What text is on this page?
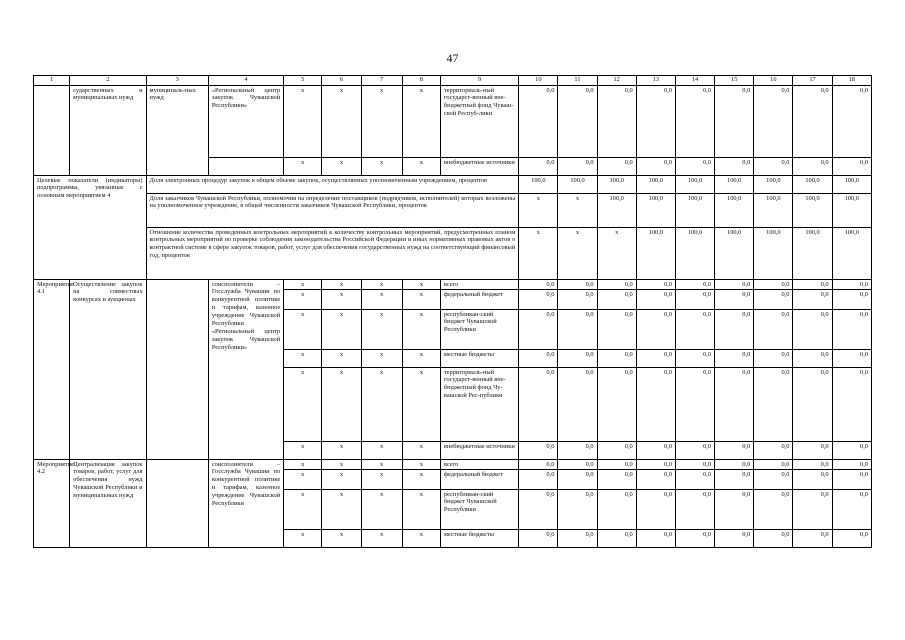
47
1	2	3	4	5	6	7	8	9	10	11	12	13	14	15	16	17	18
	сударственных и муниципальных нужд	муниципаль-ных нужд	«Региональный центр закупок Чувашской Республики»	x	x	x	x	территориаль-ный государст-венный вне-бюджетный фонд Чуваш-ской Респуб-лики	0,0	0,0	0,0	0,0	0,0	0,0	0,0	0,0	0,0
				x	x	x	x	внебюджетные источники	0,0	0,0	0,0	0,0	0,0	0,0	0,0	0,0	0,0
Целевые показатели (индикаторы) подпрограммы, увязанные с основным мероприятием 4		Доля электронных процедур закупок в общем объеме закупок, осуществляемых уполномоченным учреждением, процентов							100,0	100,0	100,0	100,0	100,0	100,0	100,0	100,0	100,0
		Доля заказчиков Чувашской Республики, полномочия на определение поставщиков (подрядчиков, исполнителей) которых возложены на уполномоченное учреждение, в общей численности заказчиков Чувашской Республики, процентов							x	x	100,0	100,0	100,0	100,0	100,0	100,0	100,0
		Отношение количества проведенных контрольных мероприятий к количеству контрольных мероприятий, предусмотренных планом контрольных мероприятий по проверке соблюдения законодательства Российской Федерации и иных нормативных правовых актов о контрактной системе в сфере закупок товаров, работ, услуг для обеспечения государственных нужд на соответствующий финансовый год, процентов							x	x	x	100,0	100,0	100,0	100,0	100,0	100,0
Мероприятие 4.1	Осуществление закупок на совместных конкурсах и аукционах		соисполнители – Госслужба Чувашии по конкурентной политике и тарифам, казенное учреждение Чувашской Республики «Региональный центр закупок Чувашской Республики»	x	x	x	x	всего	0,0	0,0	0,0	0,0	0,0	0,0	0,0	0,0	0,0
				x	x	x	x	федеральный бюджет	0,0	0,0	0,0	0,0	0,0	0,0	0,0	0,0	0,0
				x	x	x	x	республикан-ский бюджет Чувашской Республики	0,0	0,0	0,0	0,0	0,0	0,0	0,0	0,0	0,0
				x	x	x	x	местные бюджеты	0,0	0,0	0,0	0,0	0,0	0,0	0,0	0,0	0,0
				x	x	x	x	территориаль-ный государст-венный вне-бюджетный фонд Чу-вашской Рес-публики	0,0	0,0	0,0	0,0	0,0	0,0	0,0	0,0	0,0
				x	x	x	x	внебюджетные источники	0,0	0,0	0,0	0,0	0,0	0,0	0,0	0,0	0,0
Мероприятие 4.2	Централизация закупок товаров, работ, услуг для обеспечения нужд Чувашской Республики и муниципальных нужд		соисполнители – Госслужба Чувашии по конкурентной политике и тарифам, казенное учреждение Чувашской Республики	x	x	x	x	всего	0,0	0,0	0,0	0,0	0,0	0,0	0,0	0,0	0,0
				x	x	x	x	федеральный бюджет	0,0	0,0	0,0	0,0	0,0	0,0	0,0	0,0	0,0
				x	x	x	x	республикан-ский бюджет Чувашской Республики	0,0	0,0	0,0	0,0	0,0	0,0	0,0	0,0	0,0
				x	x	x	x	местные бюджеты	0,0	0,0	0,0	0,0	0,0	0,0	0,0	0,0	0,0
